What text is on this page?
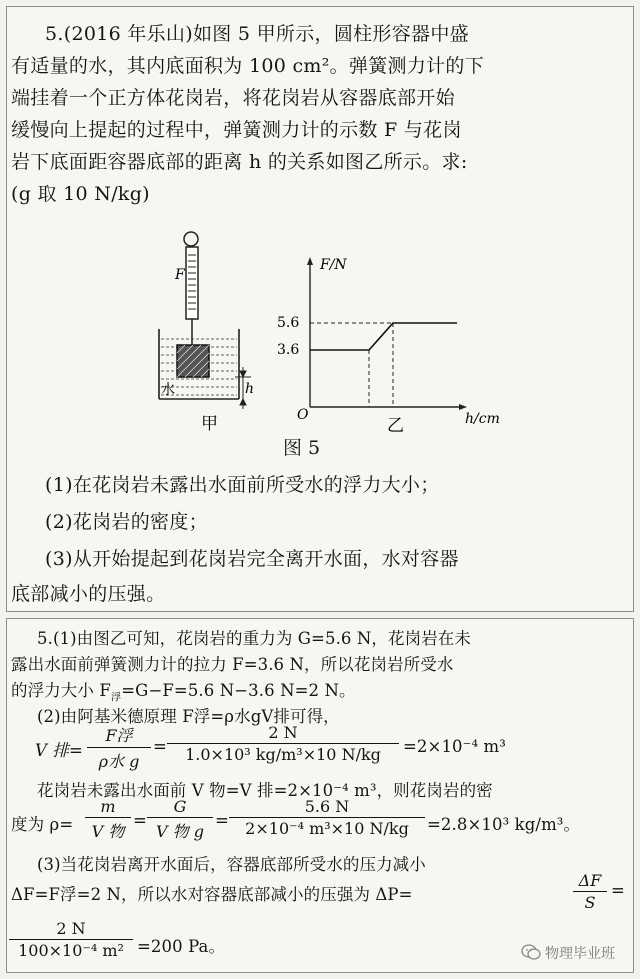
5.(2016 年乐山)如图 5 甲所示，圆柱形容器中盛
有适量的水，其内底面积为 100 cm²。弹簧测力计的下
端挂着一个正方体花岗岩，将花岗岩从容器底部开始
缓慢向上提起的过程中，弹簧测力计的示数 F 与花岗
岩下底面距容器底部的距离 h 的关系如图乙所示。求:
(g 取 10 N/kg)
F
水	h
甲
F/N
5.6
3.6
O	h/cm
乙
图 5
(1)在花岗岩未露出水面前所受水的浮力大小；
(2)花岗岩的密度；
(3)从开始提起到花岗岩完全离开水面，水对容器
底部减小的压强。
5.(1)由图乙可知，花岗岩的重力为 G=5.6 N，花岗岩在未
露出水面前弹簧测力计的拉力 F=3.6 N，所以花岗岩所受水
的浮力大小 $F_浮=G-F=5.6$ N−3.6 N=2 N。
(2)由阿基米德原理 F浮=ρ水gV排可得，
V 排=
F浮
ρ水 g
= $\frac{2 N}{\text{1.0×10³ kg/m³×10 N/kg}} =2\times 10^{-4}$ m³
花岗岩未露出水面前 V 物=V 排=2×10⁻⁴ m³，则花岗岩的密
度为 ρ=
m
V 物
=
G
V 物 g
= $\frac{5.6 N}{\text{2×10⁻⁴ m³×10 N/kg}} =2.8\times 10^3$ kg/m³。
(3)当花岗岩离开水面后，容器底部所受水的压力减小
ΔF=F浮=2 N，所以水对容器底部减小的压强为 ΔP=	$\frac{\Delta F}{S}$ =
$\frac{2 N}{\text{100×10⁻⁴ m²}} =200$ Pa。	物理毕业班
